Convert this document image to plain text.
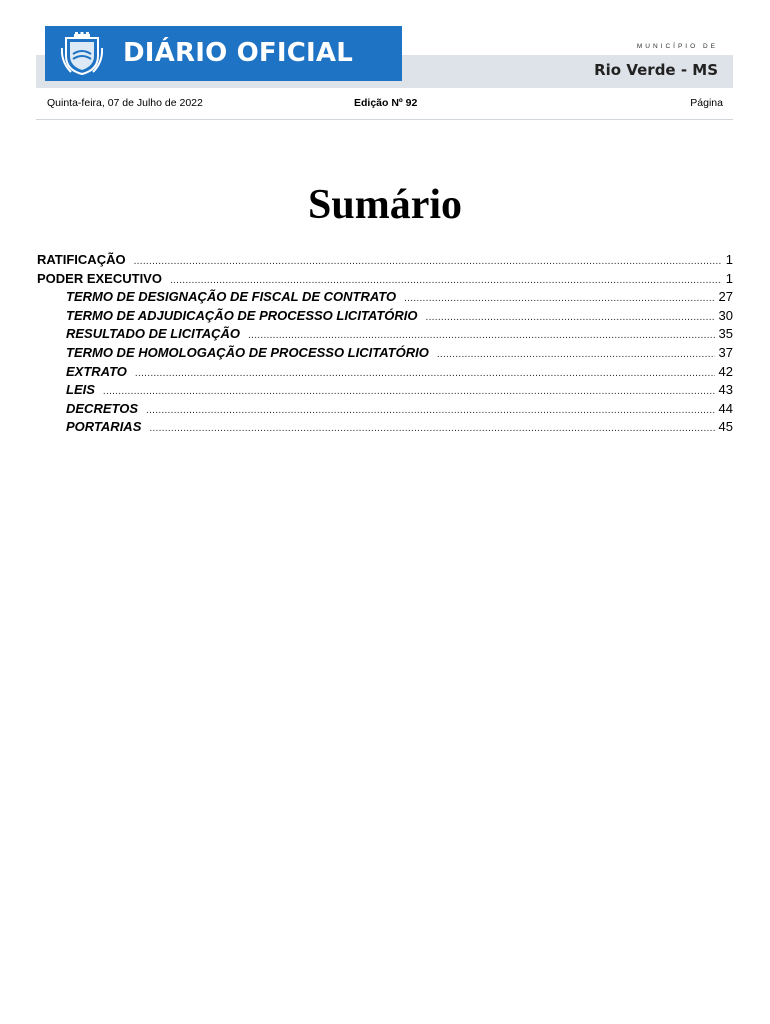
DIÁRIO OFICIAL	MUNICÍPIO DE
Rio Verde - MS
Quinta-feira, 07 de Julho de 2022	Edição Nº 92	Página
Sumário
RATIFICAÇÃO .....	1
PODER EXECUTIVO .....	1
TERMO DE DESIGNAÇÃO DE FISCAL DE CONTRATO .....	27
TERMO DE ADJUDICAÇÃO DE PROCESSO LICITATÓRIO .....	30
RESULTADO DE LICITAÇÃO .....	35
TERMO DE HOMOLOGAÇÃO DE PROCESSO LICITATÓRIO .....	37
EXTRATO .....	42
LEIS .....	43
DECRETOS .....	44
PORTARIAS .....	45
